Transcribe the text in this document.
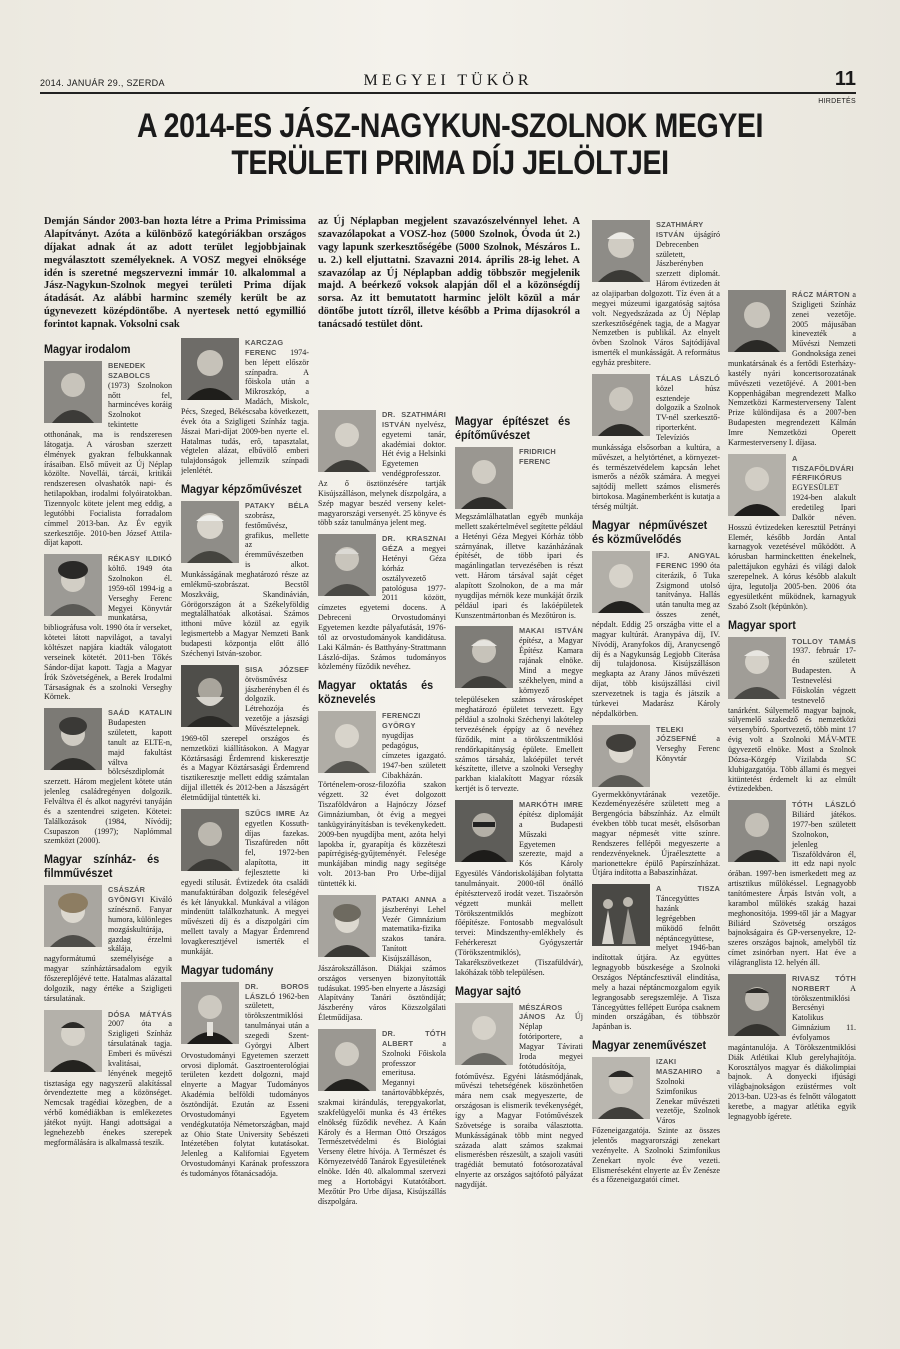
2014. JANUÁR 29., SZERDA	MEGYEI TÜKÖR	11
HIRDETÉS
A 2014-ES JÁSZ-NAGYKUN-SZOLNOK MEGYEI
TERÜLETI PRIMA DÍJ JELÖLTJEI
Demján Sándor 2003-ban hozta létre a Prima Primissima Alapítványt. Azóta a különböző kategóriákban országos díjakat adnak át az adott terület legjobbjainak megválasztott személyeknek. A VOSZ megyei elnöksége idén is szeretné megszervezni immár 10. alkalommal a Jász-Nagykun-Szolnok megyei területi Prima díjak átadását. Az alábbi harminc személy került be az úgynevezett középdöntőbe. A nyertesek nettó egymillió forintot kapnak. Voksolni csak
az Új Néplapban megjelent szavazószelvénnyel lehet. A szavazólapokat a VOSZ-hoz (5000 Szolnok, Óvoda út 2.) vagy lapunk szerkesztőségébe (5000 Szolnok, Mészáros L. u. 2.) kell eljuttatni. Szavazni 2014. április 28-ig lehet. A szavazólap az Új Néplapban addig többször megjelenik majd. A beérkező voksok alapján dől el a közönségdíj sorsa. Az itt bemutatott harminc jelölt közül a már döntőbe jutott tízről, illetve később a Prima díjasokról a tanácsadó testület dönt.
Magyar irodalom
BENEDEK SZABOLCS (1973) Szolnokon nőtt fel, harmincéves koráig Szolnokot tekintette otthonának, ma is rendszeresen látogatja. A városban szerzett élmények gyakran felbukkannak írásaiban. Első műveit az Új Néplap közölte. Novellái, tárcái, kritikái rendszeresen olvashatók napi- és hetilapokban, irodalmi folyóiratokban. Tizennyolc kötete jelent meg eddig, a legutóbbi Focialista forradalom címmel 2013-ban. Az Év egyik szerkesztője. 2010-ben József Attila-díjat kapott.
RÉKASY ILDIKÓ költő. 1949 óta Szolnokon él. 1959-től 1994-ig a Verseghy Ferenc Megyei Könyvtár munkatársa, bibliográfusa volt. 1990 óta ír verseket, kötetei látott napvilágot, a tavalyi költészet napjára kiadták válogatott verseinek kötetét. 2011-ben Tőkés Sándor-díjat kapott. Tagja a Magyar Írók Szövetségének, a Berek Irodalmi Társaságnak és a szolnoki Verseghy Körnek.
SAÁD KATALIN Budapesten született, kapott tanult az ELTE-n, majd fakultást váltva bölcsészdiplomát szerzett. Három megjelent kötete után jelenleg családregényen dolgozik. Felváltva él és alkot nagyrévi tanyáján és a szentendrei szigeten. Kötetei: Találkozások (1984, Nívódíj; Csupaszon (1997); Naplómmal szemközt (2000).
Magyar színház- és filmművészet
CSÁSZÁR GYÖNGYI Kiváló színésznő. Fanyar humora, különleges mozgáskultúrája, gazdag érzelmi skálája, nagyformátumú személyisége a magyar színháztársadalom egyik főszereplőjévé tette. Hatalmas alázattal dolgozik, nagy értéke a Szigligeti társulatának.
DÓSA MÁTYÁS 2007 óta a Szigligeti Színház társulatának tagja. Emberi és művészi kvalitásai, lényének megejtő tisztasága egy nagyszerű alakítással örvendeztette meg a közönséget. Nemcsak tragédiai közegben, de a vérbő komédiákban is emlékezetes játékot nyújt. Hangi adottságai a legnehezebb énekes szerepek megformálására is alkalmassá teszik.
KARCZAG FERENC 1974-ben lépett először színpadra. A főiskola után a Mikroszkóp, a Madách, Miskolc, Pécs, Szeged, Békéscsaba következett, évek óta a Szigligeti Színház tagja. Jászai Mari-díjat 2009-ben nyerte el. Hatalmas tudás, erő, tapasztalat, végtelen alázat, elbűvölő emberi tulajdonságok jellemzik színpadi jelenlétét.
Magyar képzőművészet
PATAKY BÉLA szobrász, festőművész, grafikus, mellette az éremművészetben is alkot. Munkásságának meghatározó része az emlékmű-szobrászat. Becstől Moszkváig, Skandinávián, Görögországon át a Székelyföldig megtalálhatóak alkotásai. Számos itthoni műve közül az egyik legismertebb a Magyar Nemzeti Bank budapesti központja előtt álló Széchenyi István-szobor.
SISA JÓZSEF ötvösművész jászberényben él és dolgozik. Létrehozója és vezetője a jászsági Művésztelepnek. 1969-től szerepel országos és nemzetközi kiállításokon. A Magyar Köztársasági Érdemrend kiskeresztje és a Magyar Köztársasági Érdemrend tisztikeresztje mellett eddig számtalan díjjal illették és 2012-ben a Jászságért életműdíjjal tüntették ki.
SZŰCS IMRE Az egyetlen Kossuth-díjas fazekas. Tiszafüreden nőtt fel, 1972-ben alapította, itt fejlesztette ki egyedi stílusát. Évtizedek óta családi manufaktúrában dolgozik feleségével és két lányukkal. Munkával a világon mindenütt találkozhatunk. A megyei művészeti díj és a díszpolgári cím mellett tavaly a Magyar Érdemrend lovagkeresztjével ismerték el munkáját.
Magyar tudomány
DR. BOROS LÁSZLÓ 1962-ben született, törökszentmiklósi tanulmányai után a szegedi Szent-Györgyi Albert Orvostudományi Egyetemen szerzett orvosi diplomát. Gasztroenterológiai területen kezdett dolgozni, majd elnyerte a Magyar Tudományos Akadémia belföldi tudományos ösztöndíját. Ezután az Esseni Orvostudományi Egyetem vendégkutatója Németországban, majd az Ohio State University Sebészeti Intézetében folytat kutatásokat. Jelenleg a Kaliforniai Egyetem Orvostudományi Karának professzora és tudományos főtanácsadója.
DR. SZATHMÁRI ISTVÁN nyelvész, egyetemi tanár, akadémiai doktor. Hét évig a Helsinki Egyetemen vendégprofesszor. Az ő ösztönzésére tartják Kisújszálláson, melynek díszpolgára, a Szép magyar beszéd verseny kelet-magyarországi versenyét. 25 könyve és több száz tanulmánya jelent meg.
DR. KRASZNAI GÉZA a megyei Hetényi Géza kórház osztályvezető patológusa 1977-2011 között, címzetes egyetemi docens. A Debreceni Orvostudományi Egyetemen kezdte pályafutását, 1976-tól az orvostudományok kandidátusa. Laki Kálmán- és Batthyány-Strattmann László-díjas. Számos tudományos közlemény fűződik nevéhez.
Magyar oktatás és köznevelés
FERENCZI GYÖRGY nyugdíjas pedagógus, címzetes igazgató. 1947-ben született Cibakházán. Történelem-orosz-filozófia szakon végzett. 32 évet dolgozott Tiszaföldváron a Hajnóczy József Gimnáziumban, öt évig a megyei tankügyirányításban is tevékenykedett. 2009-ben nyugdíjba ment, azóta helyi lapokba ír, gyarapítja és közzéteszi papírrégiség-gyűjteményét. Felesége munkájában mindig nagy segítsége volt. 2013-ban Pro Urbe-díjjal tüntették ki.
PATAKI ANNA a jászberényi Lehel Vezér Gimnázium matematika-fizika szakos tanára. Tanított Kisújszálláson, Jászárokszálláson. Diákjai számos országos versenyen bizonyították tudásukat. 1995-ben elnyerte a Jászsági Alapítvány Tanári ösztöndíját; Jászberény város Közszolgálati Életműdíjasa.
DR. TÓTH ALBERT	a Szolnoki Főiskola professzor emeritusa. Megannyi tanártovábbképzés, szakmai kirándulás, terepgyakorlat, szakfelügyelői munka és 43 értékes elnökség fűződik nevéhez. A Kaán Károly és a Herman Ottó Országos Természetvédelmi és Biológiai Verseny életre hívója. A Természet és Környezetvédő Tanárok Egyesületének elnöke. Idén 40. alkalommal szervezi meg a Hortobágyi Kutatótábort. Mezőtúr Pro Urbe díjasa, Kisújszállás díszpolgára.
Magyar építészet és építőművészet
FRIDRICH FERENC Megszámlálhatatlan egyéb munkája mellett szakértelmével segítette például a Hetényi Géza Megyei Kórház több szárnyának, illetve kazánházának építését, de több ipari és magánlingatlan tervezésében is részt vett. Három társával saját céget alapított Szolnokon, de a ma már nyugdíjas mérnök keze munkáját őrzik például ipari és lakóépületek Kunszentmártonban és Mezőtúron is.
MAKAI ISTVÁN építész, a Magyar Építész Kamara rajának elnöke. Mind a megye székhelyen, mind a környező településeken számos városképet meghatározó épületet tervezett. Egy például a szolnoki Széchenyi lakótelep tervezésének éppígy az ő nevéhez fűződik, mint a törökszentmiklósi rendőrkapitányság épülete. Emellett számos társaház, lakóépület tervét készítette, illetve a szolnoki Verseghy parkban kialakított Magyar rózsák kertjét is ő tervezte.
MARKÓTH IMRE építész diplomáját a Budapesti Műszaki Egyetemen szerezte, majd a Kós Károly Egyesülés Vándoriskolájában folytatta tanulmányait. 2000-től önálló építésztervező irodát vezet. Tiszaörsön végzett munkái mellett Törökszentmiklós megbízott főépítésze. Fontosabb megvalósult tervei: Mindszenthy-emlékhely és Fehérkereszt Gyógyszertár (Törökszentmiklós), Takarékszövetkezet (Tiszafüldvár), lakóházak több településen.
Magyar sajtó
MÉSZÁROS JÁNOS Az Új Néplap fotóriportere, a Magyar Távirati Iroda megyei fotótudósítója, fotóművész. Egyéni látásmódjának, művészi tehetségének köszönhetően mára nem csak megyeszerte, de országosan is elismerik tevékenységét, így a Magyar Fotóművészek Szövetsége is soraiba választotta. Munkásságának több mint negyed százada alatt számos szakmai elismerésben részesült, a szajoli vasúti tragédiát bemutató fotósorozatával elnyerte az országos sajtófotó pályázat nagydíját.
SZATHMÁRY ISTVÁN újságíró Debrecenben született, Jászberényben szerzett diplomát. Három évtizeden át az olajiparban dolgozott. Tíz éven át a megyei múzeumi igazgatóság sajtósa volt. Negyedszázada az Új Néplap szerkesztőségének tagja, de a Magyar Nemzetben is publikál. Az elnyelt övben Szolnok Város Sajtódíjával ismerték el munkásságát. A református egyház presbitere.
TÁLAS LÁSZLÓ közel húsz esztendeje dolgozik a Szolnok TV-nél szerkesztő-riporterként. Televíziós munkássága elsősorban a kultúra, a művészet, a helytörténet, a környezet- és természetvédelem kapcsán lehet ismerős a nézők számára. A megyei sajtódíj mellett számos elismerés birtokosa. Magánemberként is kutatja a térség múltját.
Magyar népművészet és közművelődés
IFJ. ANGYAL FERENC 1990 óta citerázik, ő Tuka Zsigmond utolsó tanítványa. Hallás után tanulta meg az összes zenét, népdalt. Eddig 25 országba vitte el a magyar kultúrát. Aranypáva díj, IV. Nívódíj, Aranyfokos díj, Aranycsengő díj és a Nagykunság Legjobb Citerása díj tulajdonosa. Kisújszálláson megkapta az Arany János művészeti díjat, több kisújszállási civil szervezetnek is tagja és játszik a túrkevei Madarász Károly népdalkörben.
TELEKI JÓZSEFNÉ a Verseghy Ferenc Könyvtár Gyermekkönyvtárának vezetője. Kezdeményezésére született meg a Bergengócia bábszínház. Az elmúlt években több tucat mesét, elsősorban magyar népmesét vitte színre. Rendszeres fellépői megyeszerte a rendezvényeknek. Újraélesztette a marionettekre épülő Papírszínházat. Útjára indította a Babaszínházat.
A TISZA Táncegyüttes hazánk legrégebben működő felnőtt néptáncegyüttese, melyet 1946-ban indítottak útjára. Az együttes legnagyobb büszkesége a Szolnoki Országos Néptáncfesztivál elindítása, mely a hazai néptáncmozgalom egyik legrangosabb seregszemléje. A Tisza Táncegyüttes fellépett Európa csaknem minden országában, és többször Japánban is.
Magyar zeneművészet
IZAKI MASZAHIRO a Szolnoki Szimfonikus Zenekar művészeti vezetője, Szolnok Város Főzeneigazgatója. Szinte az összes jelentős magyarországi zenekart vezényelte. A Szolnoki Szimfonikus Zenekart nyolc éve vezeti. Elismeréseként elnyerte az Év Zenésze és a főzeneigazgatói címet.
RÁCZ MÁRTON a Szigligeti Színház zenei vezetője. 2005 májusában kinevezték a Művészi Nemzeti Gondnoksága zenei munkatársának és a fertődi Esterházy-kastély nyári koncertsorozatának művészeti vezetőjévé. A 2001-ben Koppenhágában megrendezett Malko Nemzetközi Karmesterverseny Talent Prize különdíjasa és a 2007-ben Budapesten megrendezett Kálmán Imre Nemzetközi Operett Karmesterverseny I. díjasa.
A TISZAFÖLDVÁRI FÉRFIKÓRUS EGYESÜLET 1924-ben alakult eredetileg Ipari Dalkör néven. Hosszú évtizedeken keresztül Petrányi Elemér, később Jordán Antal karnagyok vezetésével működött. A kórusban harminckettten énekelnek, palettájukon egyházi és világi dalok szerepelnek. A kórus később alakult újra, legutolja 2005-ben. 2006 óta egyesületként működnek, karnagyuk Szabó Zsolt (képünkön).
Magyar sport
TOLLOY TAMÁS 1937. február 17-én született Budapesten. A Testnevelési Főiskolán végzett testnevelő tanárként. Súlyemelő magyar bajnok, súlyemelő szakedző és nemzetközi versenybíró. Sportvezető, több mint 17 évig volt a Szolnoki MÁV-MTE ügyvezető elnöke. Most a Szolnok Dózsa-Közgép Vízilabda SC klubigazgatója. Több állami és megyei kitüntetést érdemelt ki az elmúlt évtizedekben.
TÓTH LÁSZLÓ Biliárd játékos. 1977-ben született Szolnokon, jelenleg Tiszaföldváron él, itt edz napi nyolc órában. 1997-ben ismerkedett meg az artisztikus műlökéssel. Legnagyobb tanítómestere Árpás István volt, a karambol műlökés szakág hazai meghonosítója. 1999-től jár a Magyar Biliárd Szövetség országos bajnokságaira és GP-versenyekre, 12-szeres országos bajnok, amelyből tíz címet zsinórban nyert. Hat éve a világranglista 12. helyén áll.
RIVASZ TÓTH NORBERT A törökszentmiklósi Bercsényi Katolikus Gimnázium 11. évfolyamos magántanulója. A Törökszentmiklósi Diák Atlétikai Klub gerelyhajítója. Korosztályos magyar és diákolimpiai bajnok. A donyecki ifjúsági világbajnokságon ezüstérmes volt 2013-ban. U23-as és felnőtt válogatott keretbe, a magyar atlétika egyik legnagyobb ígérete.
